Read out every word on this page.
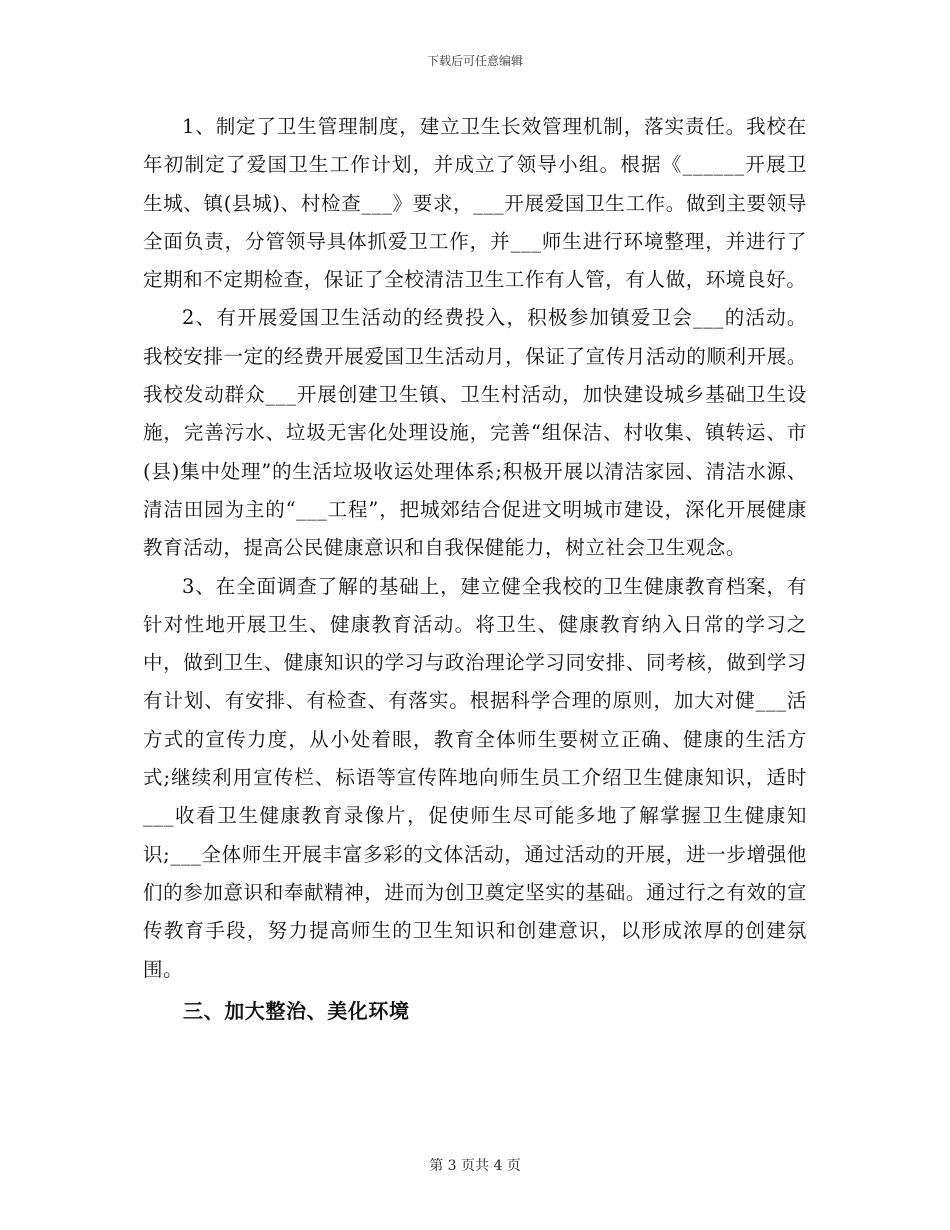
下载后可任意编辑

1、制定了卫生管理制度，建立卫生长效管理机制，落实责任。我校在年初制定了爱国卫生工作计划，并成立了领导小组。根据《______开展卫生城、镇(县城)、村检查___》要求，___开展爱国卫生工作。做到主要领导全面负责，分管领导具体抓爱卫工作，并___师生进行环境整理，并进行了定期和不定期检查，保证了全校清洁卫生工作有人管，有人做，环境良好。

2、有开展爱国卫生活动的经费投入，积极参加镇爱卫会___的活动。我校安排一定的经费开展爱国卫生活动月，保证了宣传月活动的顺利开展。我校发动群众___开展创建卫生镇、卫生村活动，加快建设城乡基础卫生设施，完善污水、垃圾无害化处理设施，完善“组保洁、村收集、镇转运、市(县)集中处理”的生活垃圾收运处理体系;积极开展以清洁家园、清洁水源、清洁田园为主的“___工程”，把城郊结合促进文明城市建设，深化开展健康教育活动，提高公民健康意识和自我保健能力，树立社会卫生观念。

3、在全面调查了解的基础上，建立健全我校的卫生健康教育档案，有针对性地开展卫生、健康教育活动。将卫生、健康教育纳入日常的学习之中，做到卫生、健康知识的学习与政治理论学习同安排、同考核，做到学习有计划、有安排、有检查、有落实。根据科学合理的原则，加大对健___活方式的宣传力度，从小处着眼，教育全体师生要树立正确、健康的生活方式;继续利用宣传栏、标语等宣传阵地向师生员工介绍卫生健康知识，适时___收看卫生健康教育录像片，促使师生尽可能多地了解掌握卫生健康知识;___全体师生开展丰富多彩的文体活动，通过活动的开展，进一步增强他们的参加意识和奉献精神，进而为创卫奠定坚实的基础。通过行之有效的宣传教育手段，努力提高师生的卫生知识和创建意识，以形成浓厚的创建氛围。

三、加大整治、美化环境

第 3 页共 4 页
